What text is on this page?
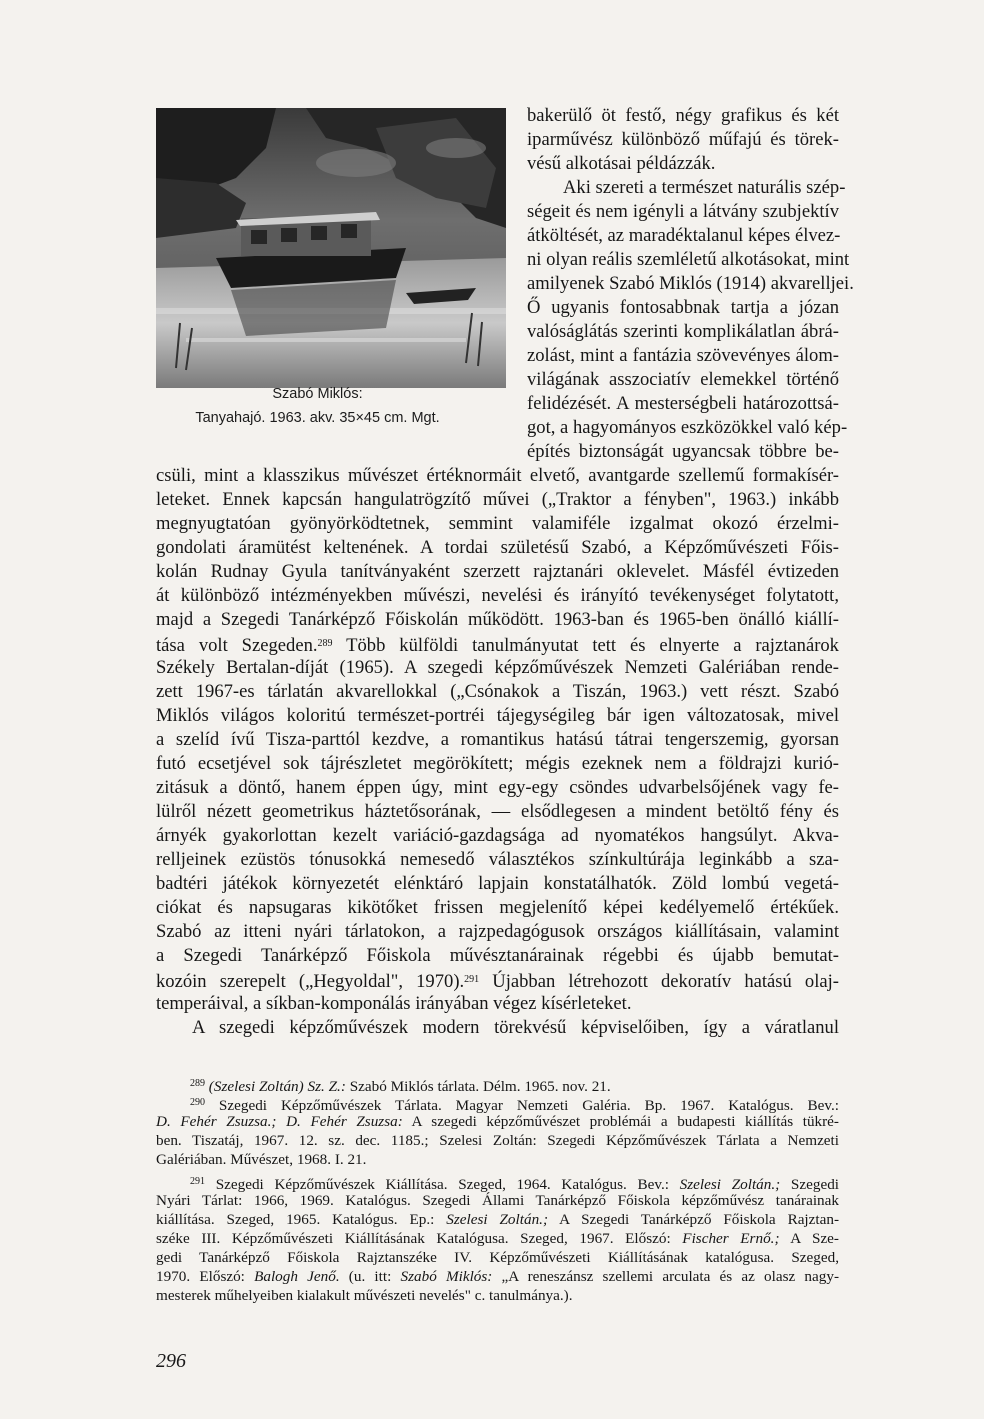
Szabó Miklós:
Tanyahajó. 1963. akv. 35×45 cm. Mgt.
bakerülő öt festő, négy grafikus és két
iparművész különböző műfajú és törek-
vésű alkotásai példázzák.
Aki szereti a természet naturális szép-
ségeit és nem igényli a látvány szubjektív
átköltését, az maradéktalanul képes élvez-
ni olyan reális szemléletű alkotásokat, mint
amilyenek Szabó Miklós (1914) akvarelljei.
Ő ugyanis fontosabbnak tartja a józan
valóságlátás szerinti komplikálatlan ábrá-
zolást, mint a fantázia szövevényes álom-
világának asszociatív elemekkel történő
felidézését. A mesterségbeli határozottsá-
got, a hagyományos eszközökkel való kép-
építés biztonságát ugyancsak többre be-
csüli, mint a klasszikus művészet értéknormáit elvető, avantgarde szellemű formakísér-
leteket. Ennek kapcsán hangulatrögzítő művei („Traktor a fényben", 1963.) inkább
megnyugtatóan gyönyörködtetnek, semmint valamiféle izgalmat okozó érzelmi-
gondolati áramütést keltenének. A tordai születésű Szabó, a Képzőművészeti Főis-
kolán Rudnay Gyula tanítványaként szerzett rajztanári oklevelet. Másfél évtizeden
át különböző intézményekben művészi, nevelési és irányító tevékenységet folytatott,
majd a Szegedi Tanárképző Főiskolán működött. 1963-ban és 1965-ben önálló kiállí-
tása volt Szegeden.$^{289}$ Több külföldi tanulmányutat tett és elnyerte a rajztanárok
Székely Bertalan-díját (1965). A szegedi képzőművészek Nemzeti Galériában rende-
zett 1967-es tárlatán akvarellokkal („Csónakok a Tiszán, 1963.) vett részt. Szabó
Miklós világos koloritú természet-portréi tájegységileg bár igen változatosak, mivel
a szelíd ívű Tisza-parttól kezdve, a romantikus hatású tátrai tengerszemig, gyorsan
futó ecsetjével sok tájrészletet megörökített; mégis ezeknek nem a földrajzi kurió-
zitásuk a döntő, hanem éppen úgy, mint egy-egy csöndes udvarbelsőjének vagy fe-
lülről nézett geometrikus háztetősorának, — elsődlegesen a mindent betöltő fény és
árnyék gyakorlottan kezelt variáció-gazdagsága ad nyomatékos hangsúlyt. Akva-
relljeinek ezüstös tónusokká nemesedő választékos színkultúrája leginkább a sza-
badtéri játékok környezetét elénktáró lapjain konstatálhatók. Zöld lombú vegetá-
ciókat és napsugaras kikötőket frissen megjelenítő képei kedélyemelő értékűek.
Szabó az itteni nyári tárlatokon, a rajzpedagógusok országos kiállításain, valamint
a Szegedi Tanárképző Főiskola művésztanárainak régebbi és újabb bemutat-
kozóin szerepelt („Hegyoldal", 1970).$^{291}$ Újabban létrehozott dekoratív hatású olaj-
temperáival, a síkban-komponálás irányában végez kísérleteket.
A szegedi képzőművészek modern törekvésű képviselőiben, így a váratlanul
$^{289}$ (Szelesi Zoltán) Sz. Z.: Szabó Miklós tárlata. Délm. 1965. nov. 21.
$^{290}$ Szegedi Képzőművészek Tárlata. Magyar Nemzeti Galéria. Bp. 1967. Katalógus. Bev.:
D. Fehér Zsuzsa.; D. Fehér Zsuzsa: A szegedi képzőművészet problémái a budapesti kiállítás tükré-
ben. Tiszatáj, 1967. 12. sz. dec. 1185.; Szelesi Zoltán: Szegedi Képzőművészek Tárlata a Nemzeti
Galériában. Művészet, 1968. I. 21.
$^{291}$ Szegedi Képzőművészek Kiállítása. Szeged, 1964. Katalógus. Bev.: Szelesi Zoltán.; Szegedi
Nyári Tárlat: 1966, 1969. Katalógus. Szegedi Állami Tanárképző Főiskola képzőművész tanárainak
kiállítása. Szeged, 1965. Katalógus. Ep.: Szelesi Zoltán.; A Szegedi Tanárképző Főiskola Rajztan-
széke III. Képzőművészeti Kiállításának Katalógusa. Szeged, 1967. Előszó: Fischer Ernő.; A Sze-
gedi Tanárképző Főiskola Rajztanszéke IV. Képzőművészeti Kiállításának katalógusa. Szeged,
1970. Előszó: Balogh Jenő. (u. itt: Szabó Miklós: „A reneszánsz szellemi arculata és az olasz nagy-
mesterek műhelyeiben kialakult művészeti nevelés" c. tanulmánya.).
296
